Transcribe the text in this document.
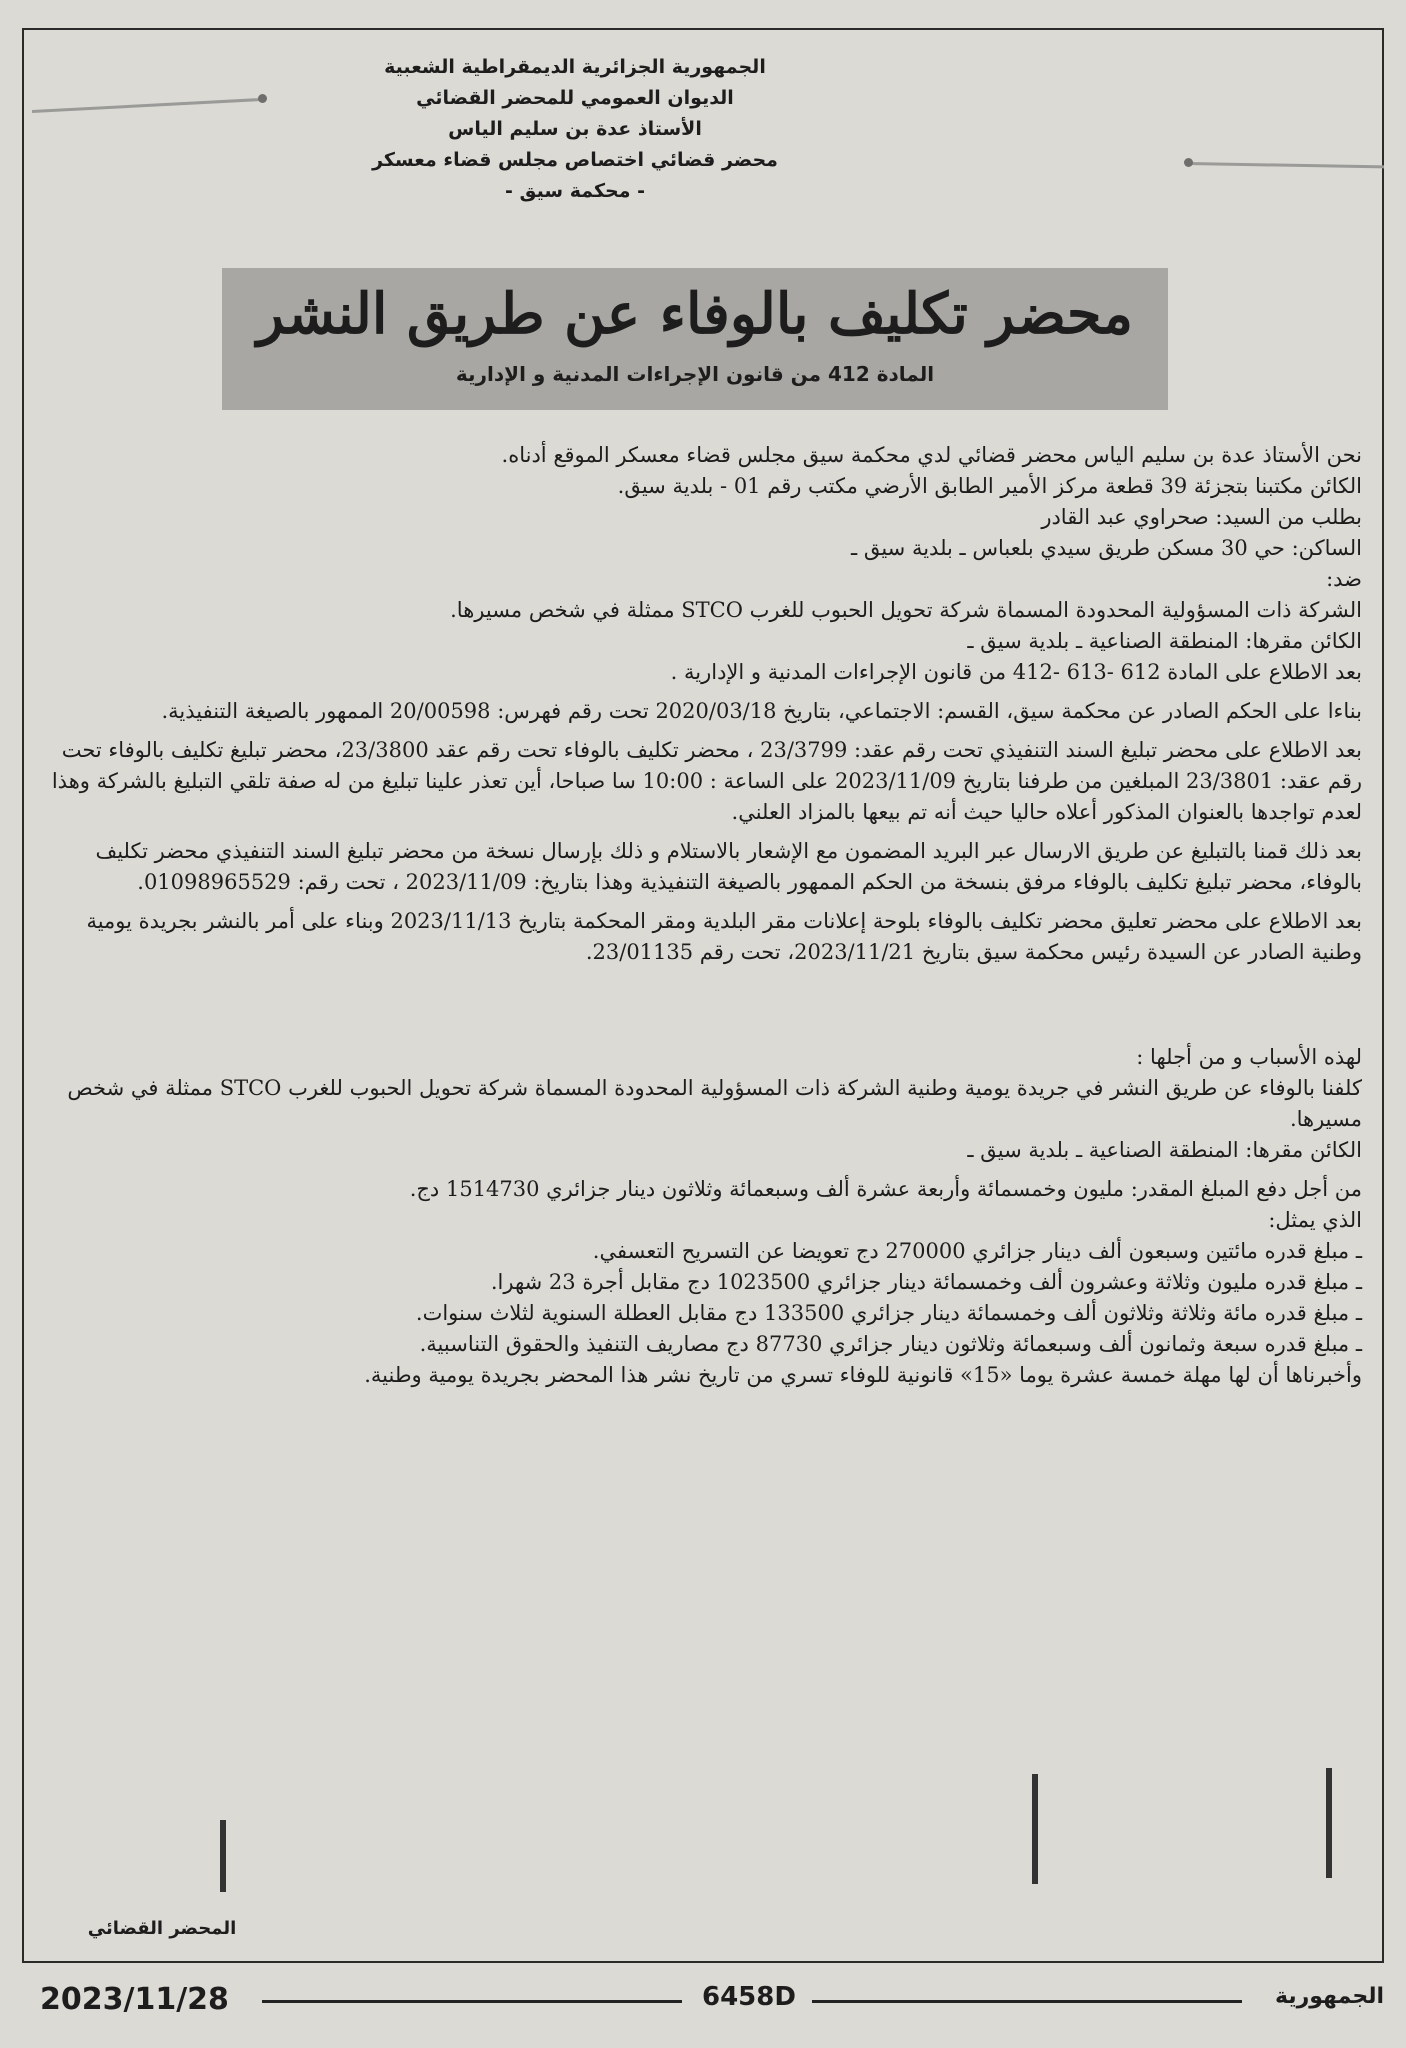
الجمهورية الجزائرية الديمقراطية الشعبية
الديوان العمومي للمحضر القضائي
الأستاذ عدة بن سليم الياس
محضر قضائي اختصاص مجلس قضاء معسكر
- محكمة سيق -
محضر تكليف بالوفاء عن طريق النشر
المادة 412 من قانون الإجراءات المدنية و الإدارية

نحن الأستاذ عدة بن سليم الياس محضر قضائي لدي محكمة سيق مجلس قضاء معسكر الموقع أدناه.

الكائن مكتبنا بتجزئة 39 قطعة مركز الأمير الطابق الأرضي مكتب رقم 01 - بلدية سيق.

بطلب من السيد: صحراوي عبد القادر

الساكن: حي 30 مسكن طريق سيدي بلعباس ـ بلدية سيق ـ

ضد:

الشركة ذات المسؤولية المحدودة المسماة شركة تحويل الحبوب للغرب STCO ممثلة في شخص مسيرها.

الكائن مقرها: المنطقة الصناعية ـ بلدية سيق ـ

بعد الاطلاع على المادة 612 -613 -412 من قانون الإجراءات المدنية و الإدارية .

بناءا على الحكم الصادر عن محكمة سيق، القسم: الاجتماعي، بتاريخ 2020/03/18 تحت رقم فهرس: 20/00598 الممهور بالصيغة التنفيذية.

بعد الاطلاع على محضر تبليغ السند التنفيذي تحت رقم عقد: 23/3799 ، محضر تكليف بالوفاء تحت رقم عقد 23/3800، محضر تبليغ تكليف بالوفاء تحت رقم عقد: 23/3801 المبلغين من طرفنا بتاريخ 2023/11/09 على الساعة : 10:00 سا صباحا، أين تعذر علينا تبليغ من له صفة تلقي التبليغ بالشركة وهذا لعدم تواجدها بالعنوان المذكور أعلاه حاليا حيث أنه تم بيعها بالمزاد العلني.

بعد ذلك قمنا بالتبليغ عن طريق الارسال عبر البريد المضمون مع الإشعار بالاستلام و ذلك بإرسال نسخة من محضر تبليغ السند التنفيذي محضر تكليف بالوفاء، محضر تبليغ تكليف بالوفاء مرفق بنسخة من الحكم الممهور بالصيغة التنفيذية وهذا بتاريخ: 2023/11/09 ، تحت رقم: 01098965529.

بعد الاطلاع على محضر تعليق محضر تكليف بالوفاء بلوحة إعلانات مقر البلدية ومقر المحكمة بتاريخ 2023/11/13 وبناء على أمر بالنشر بجريدة يومية وطنية الصادر عن السيدة رئيس محكمة سيق بتاريخ 2023/11/21، تحت رقم 23/01135.

لهذه الأسباب و من أجلها :

كلفنا بالوفاء عن طريق النشر في جريدة يومية وطنية الشركة ذات المسؤولية المحدودة المسماة شركة تحويل الحبوب للغرب STCO ممثلة في شخص مسيرها.

الكائن مقرها: المنطقة الصناعية ـ بلدية سيق ـ

من أجل دفع المبلغ المقدر: مليون وخمسمائة وأربعة عشرة ألف وسبعمائة وثلاثون دينار جزائري 1514730 دج.

الذي يمثل:

ـ مبلغ قدره مائتين وسبعون ألف دينار جزائري 270000 دج تعويضا عن التسريح التعسفي.

ـ مبلغ قدره مليون وثلاثة وعشرون ألف وخمسمائة دينار جزائري 1023500 دج مقابل أجرة 23 شهرا.

ـ مبلغ قدره مائة وثلاثة وثلاثون ألف وخمسمائة دينار جزائري 133500 دج مقابل العطلة السنوية لثلاث سنوات.

ـ مبلغ قدره سبعة وثمانون ألف وسبعمائة وثلاثون دينار جزائري 87730 دج مصاريف التنفيذ والحقوق التناسبية.

وأخبرناها أن لها مهلة خمسة عشرة يوما «15» قانونية للوفاء تسري من تاريخ نشر هذا المحضر بجريدة يومية وطنية.

المحضر القضائي
2023/11/28	6458D	الجمهورية
